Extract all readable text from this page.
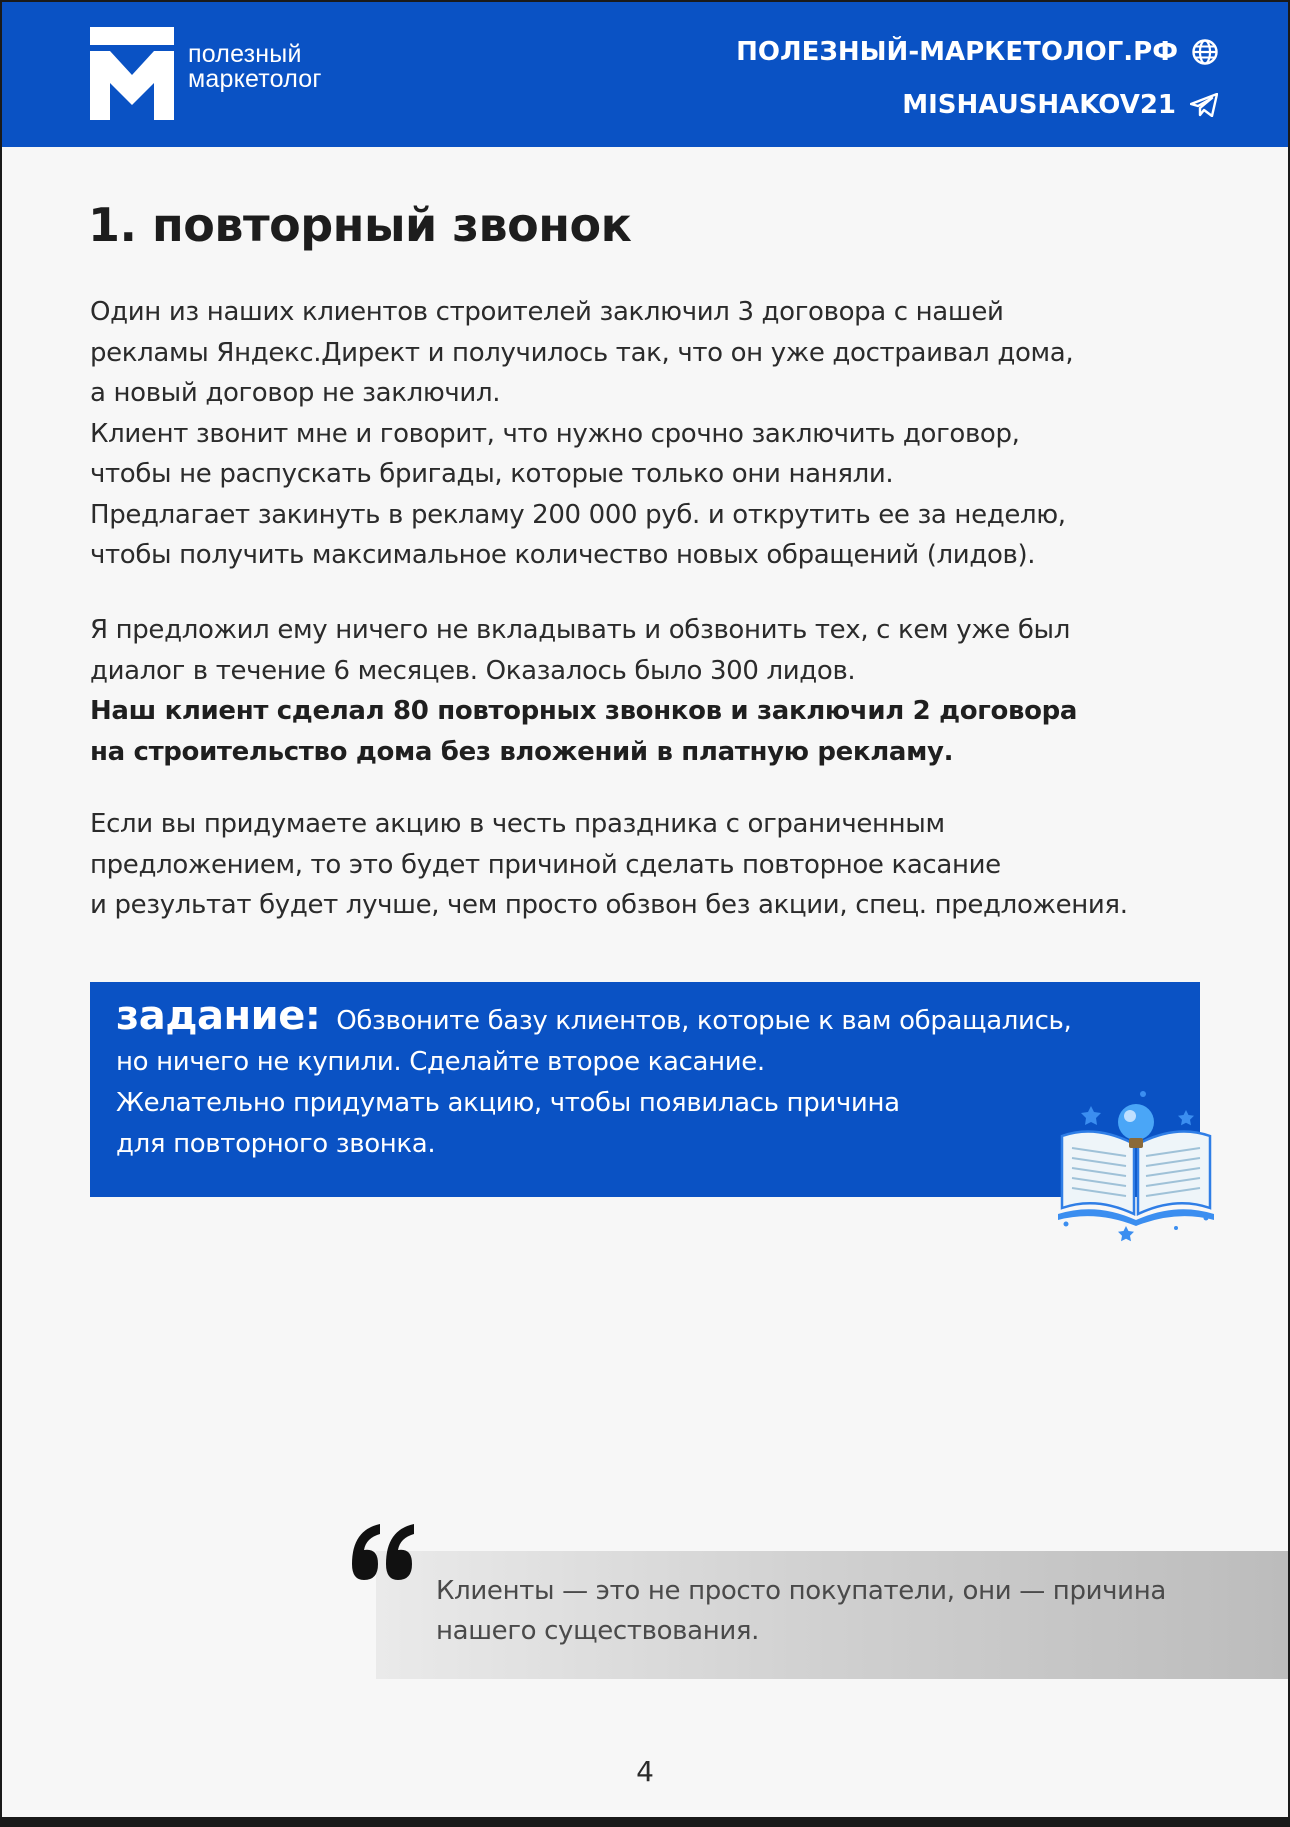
полезный
маркетолог
ПОЛЕЗНЫЙ-МАРКЕТОЛОГ.РФ
MISHAUSHAKOV21
1. повторный звонок
Один из наших клиентов строителей заключил 3 договора с нашей
рекламы Яндекс.Директ и получилось так, что он уже достраивал дома,
а новый договор не заключил.
Клиент звонит мне и говорит, что нужно срочно заключить договор,
чтобы не распускать бригады, которые только они наняли.
Предлагает закинуть в рекламу 200 000 руб. и открутить ее за неделю,
чтобы получить максимальное количество новых обращений (лидов).
Я предложил ему ничего не вкладывать и обзвонить тех, с кем уже был
диалог в течение 6 месяцев. Оказалось было 300 лидов.
Наш клиент сделал 80 повторных звонков и заключил 2 договора
на строительство дома без вложений в платную рекламу.
Если вы придумаете акцию в честь праздника с ограниченным
предложением, то это будет причиной сделать повторное касание
и результат будет лучше, чем просто обзвон без акции, спец. предложения.
задание: Обзвоните базу клиентов, которые к вам обращались,
но ничего не купили. Сделайте второе касание.
Желательно придумать акцию, чтобы появилась причина
для повторного звонка.
Клиенты — это не просто покупатели, они — причина
нашего существования.
4
